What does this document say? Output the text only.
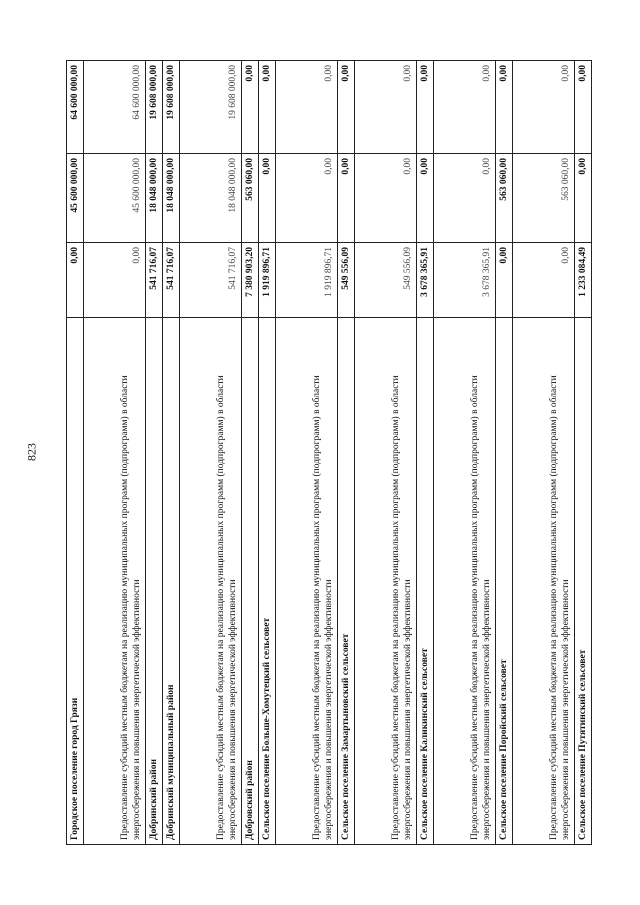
823
Городское поселение город Грязи	0,00	45 600 000,00	64 600 000,00
Предоставление субсидий местным бюджетам на реализацию муниципальных программ (подпрограмм) в области энергосбережения и повышения энергетической эффективности	0,00	45 600 000,00	64 600 000,00
Добринский район	541 716,07	18 048 000,00	19 608 000,00
Добринский муниципальный район	541 716,07	18 048 000,00	19 608 000,00
Предоставление субсидий местным бюджетам на реализацию муниципальных программ (подпрограмм) в области энергосбережения и повышения энергетической эффективности	541 716,07	18 048 000,00	19 608 000,00
Добровский район	7 380 903,20	563 060,00	0,00
Сельское поселение Больше-Хомутецкий сельсовет	1 919 896,71	0,00	0,00
Предоставление субсидий местным бюджетам на реализацию муниципальных программ (подпрограмм) в области энергосбережения и повышения энергетической эффективности	1 919 896,71	0,00	0,00
Сельское поселение Замартыновский сельсовет	549 556,09	0,00	0,00
Предоставление субсидий местным бюджетам на реализацию муниципальных программ (подпрограмм) в области энергосбережения и повышения энергетической эффективности	549 556,09	0,00	0,00
Сельское поселение Каликинский сельсовет	3 678 365,91	0,00	0,00
Предоставление субсидий местным бюджетам на реализацию муниципальных программ (подпрограмм) в области энергосбережения и повышения энергетической эффективности	3 678 365,91	0,00	0,00
Сельское поселение Поройский сельсовет	0,00	563 060,00	0,00
Предоставление субсидий местным бюджетам на реализацию муниципальных программ (подпрограмм) в области энергосбережения и повышения энергетической эффективности	0,00	563 060,00	0,00
Сельское поселение Путятинский сельсовет	1 233 084,49	0,00	0,00
